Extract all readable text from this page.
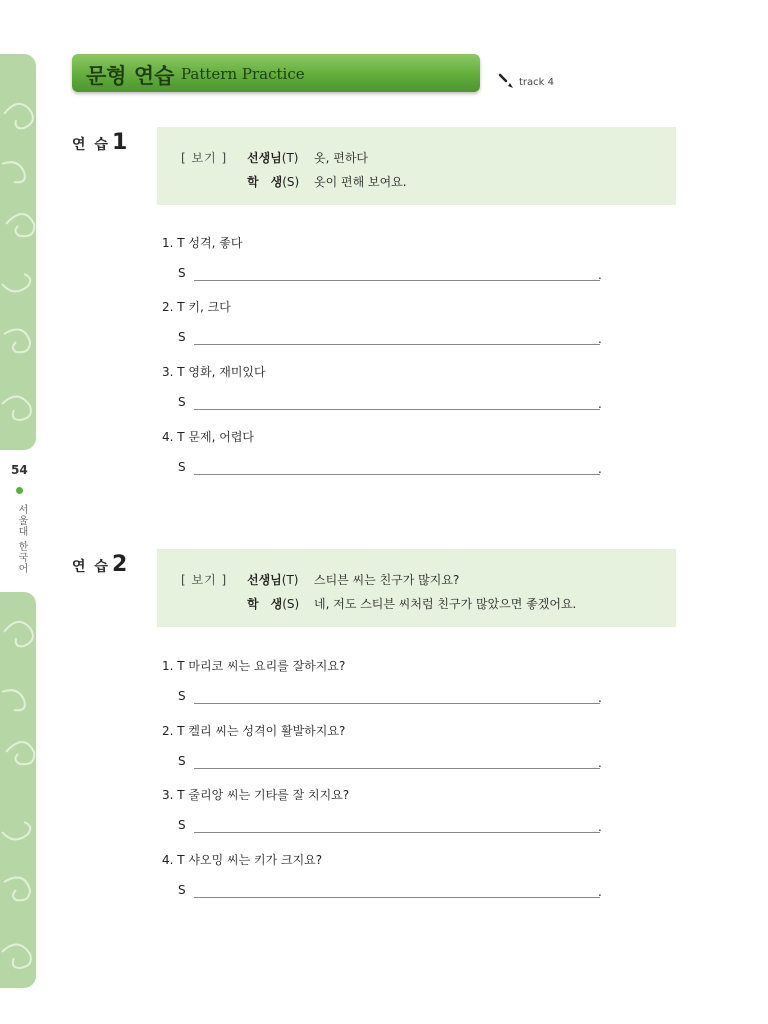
54
서울대 한국어
문형 연습 Pattern Practice	track 4
연 습1
[ 보기 ] 선생님(T) 옷, 편하다
학　생(S) 옷이 편해 보여요.
1. T 성격, 좋다
S	.
2. T 키, 크다
S	.
3. T 영화, 재미있다
S	.
4. T 문제, 어렵다
S	.
연 습2
[ 보기 ] 선생님(T) 스티븐 씨는 친구가 많지요?
학　생(S) 네, 저도 스티븐 씨처럼 친구가 많았으면 좋겠어요.
1. T 마리코 씨는 요리를 잘하지요?
S	.
2. T 켈리 씨는 성격이 활발하지요?
S	.
3. T 줄리앙 씨는 기타를 잘 치지요?
S	.
4. T 샤오밍 씨는 키가 크지요?
S	.
